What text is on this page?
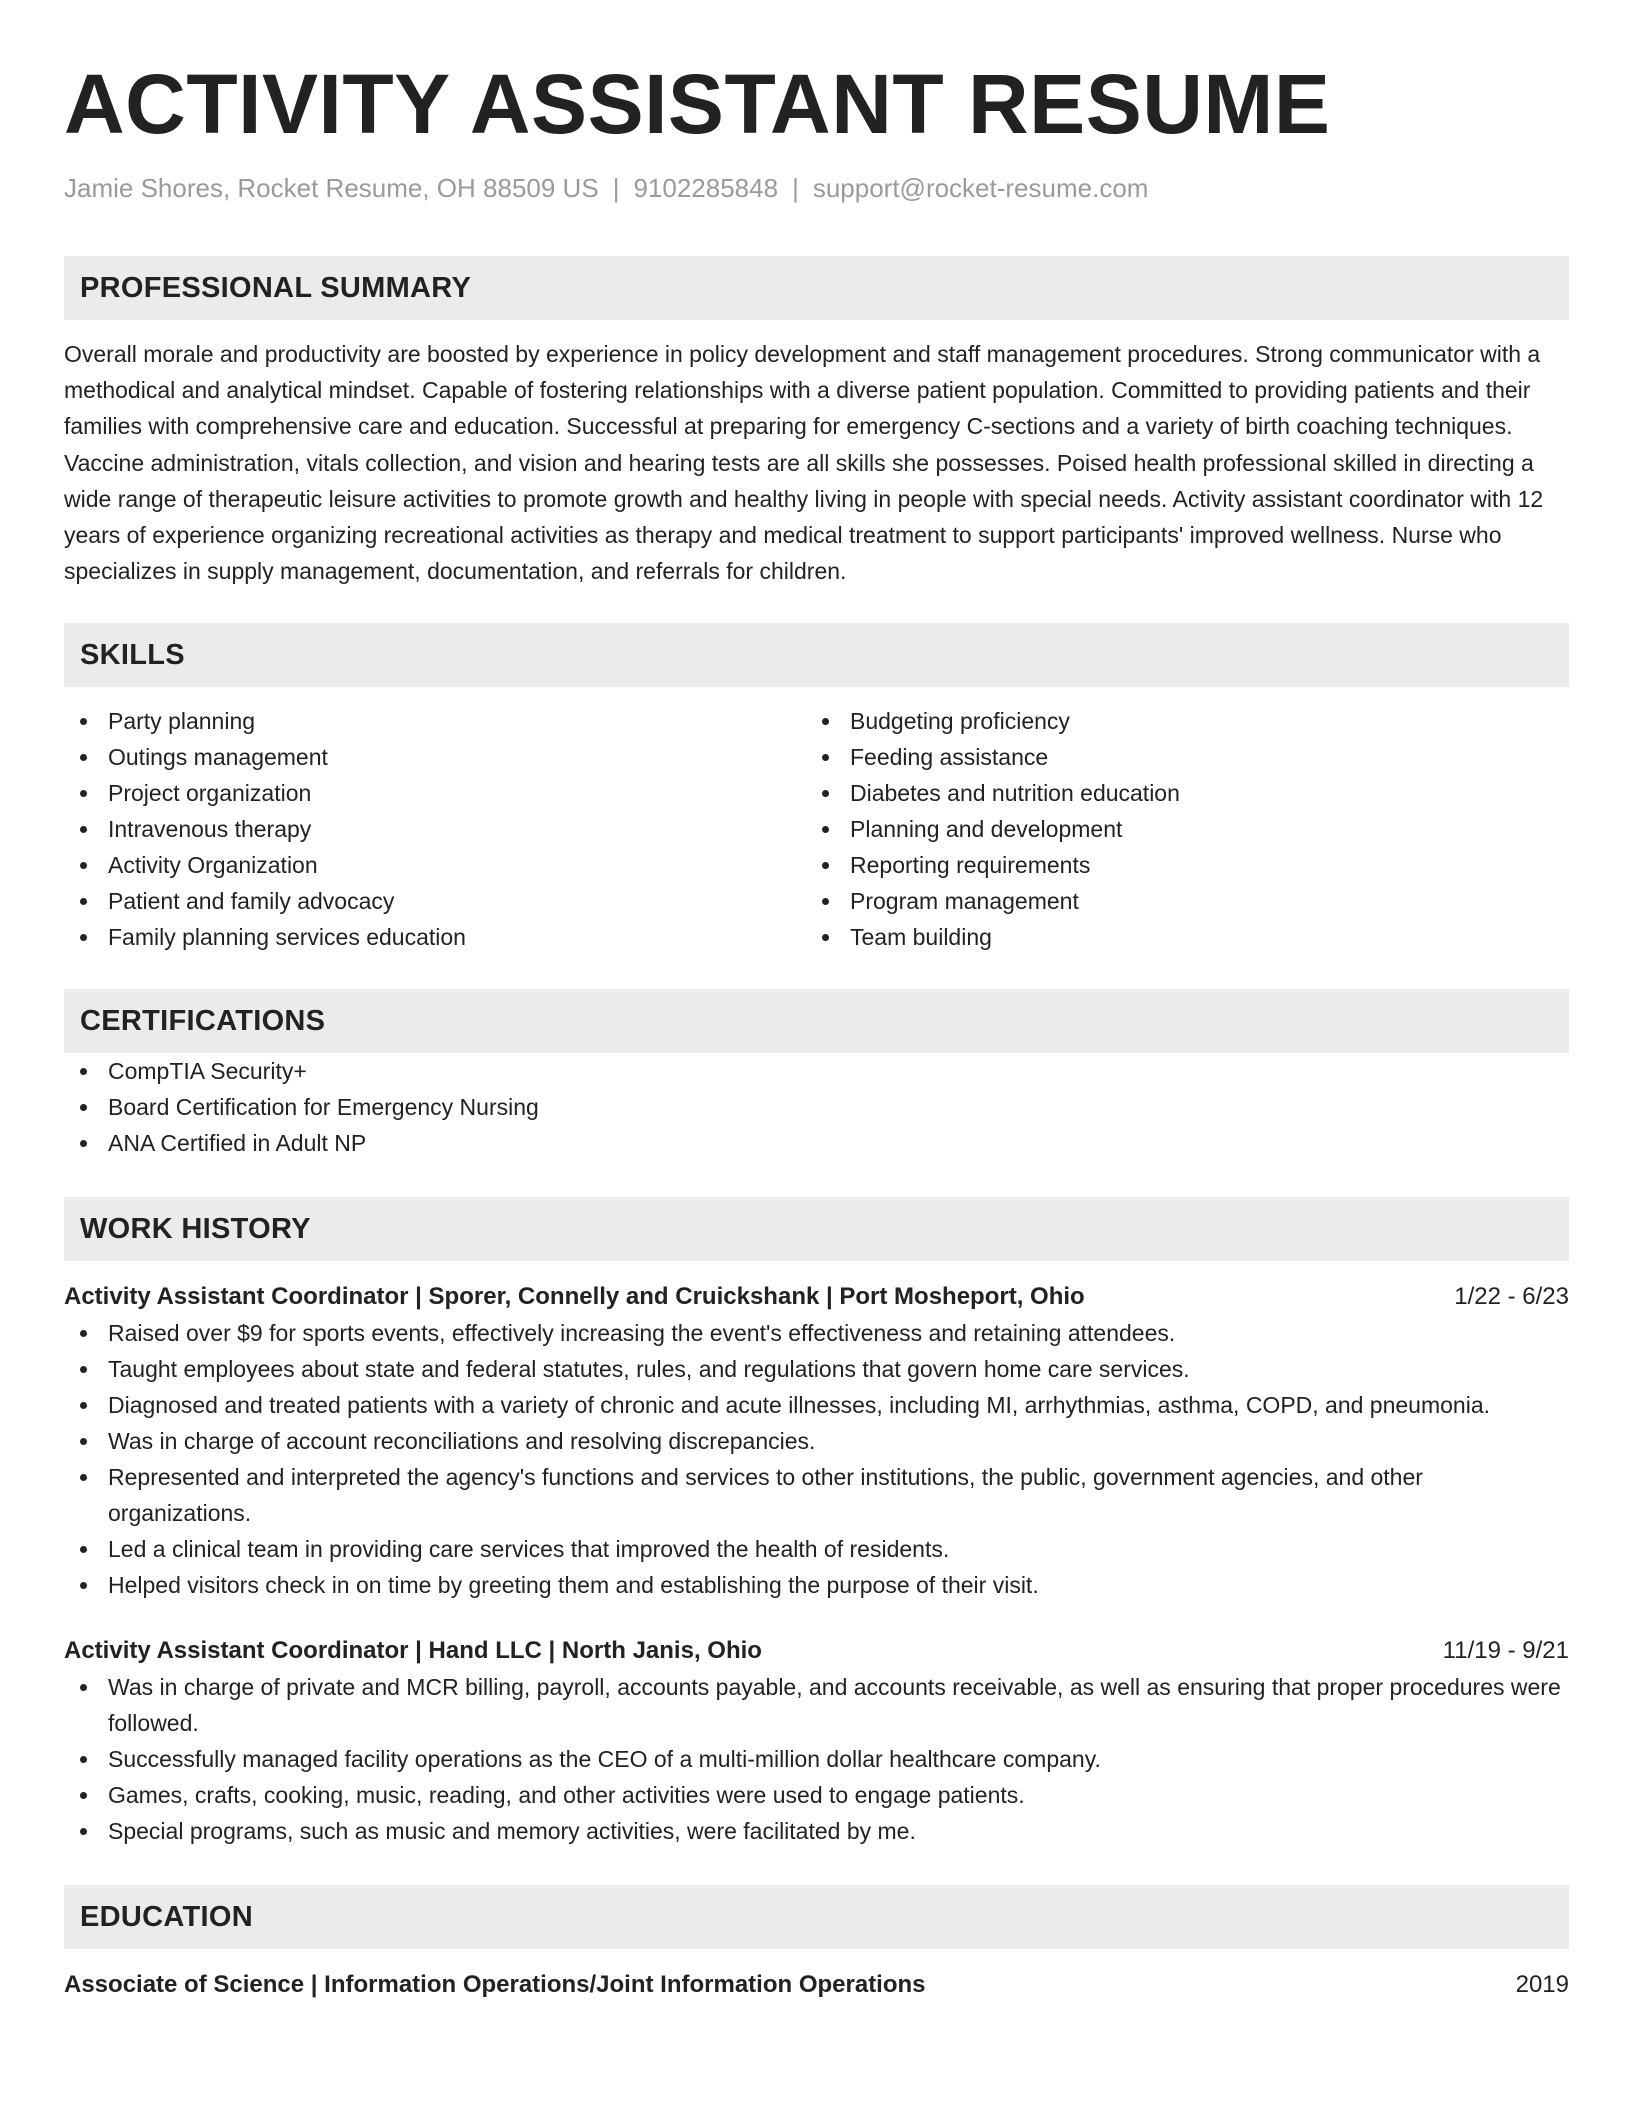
ACTIVITY ASSISTANT RESUME
Jamie Shores, Rocket Resume, OH 88509 US | 9102285848 | support@rocket-resume.com
PROFESSIONAL SUMMARY
Overall morale and productivity are boosted by experience in policy development and staff management procedures. Strong communicator with a methodical and analytical mindset. Capable of fostering relationships with a diverse patient population. Committed to providing patients and their families with comprehensive care and education. Successful at preparing for emergency C-sections and a variety of birth coaching techniques. Vaccine administration, vitals collection, and vision and hearing tests are all skills she possesses. Poised health professional skilled in directing a wide range of therapeutic leisure activities to promote growth and healthy living in people with special needs. Activity assistant coordinator with 12 years of experience organizing recreational activities as therapy and medical treatment to support participants' improved wellness. Nurse who specializes in supply management, documentation, and referrals for children.
SKILLS
Party planning
Outings management
Project organization
Intravenous therapy
Activity Organization
Patient and family advocacy
Family planning services education
Budgeting proficiency
Feeding assistance
Diabetes and nutrition education
Planning and development
Reporting requirements
Program management
Team building
CERTIFICATIONS
CompTIA Security+
Board Certification for Emergency Nursing
ANA Certified in Adult NP
WORK HISTORY
Activity Assistant Coordinator | Sporer, Connelly and Cruickshank | Port Mosheport, Ohio	1/22 - 6/23
Raised over $9 for sports events, effectively increasing the event's effectiveness and retaining attendees.
Taught employees about state and federal statutes, rules, and regulations that govern home care services.
Diagnosed and treated patients with a variety of chronic and acute illnesses, including MI, arrhythmias, asthma, COPD, and pneumonia.
Was in charge of account reconciliations and resolving discrepancies.
Represented and interpreted the agency's functions and services to other institutions, the public, government agencies, and other organizations.
Led a clinical team in providing care services that improved the health of residents.
Helped visitors check in on time by greeting them and establishing the purpose of their visit.
Activity Assistant Coordinator | Hand LLC | North Janis, Ohio	11/19 - 9/21
Was in charge of private and MCR billing, payroll, accounts payable, and accounts receivable, as well as ensuring that proper procedures were followed.
Successfully managed facility operations as the CEO of a multi-million dollar healthcare company.
Games, crafts, cooking, music, reading, and other activities were used to engage patients.
Special programs, such as music and memory activities, were facilitated by me.
EDUCATION
Associate of Science | Information Operations/Joint Information Operations	2019
